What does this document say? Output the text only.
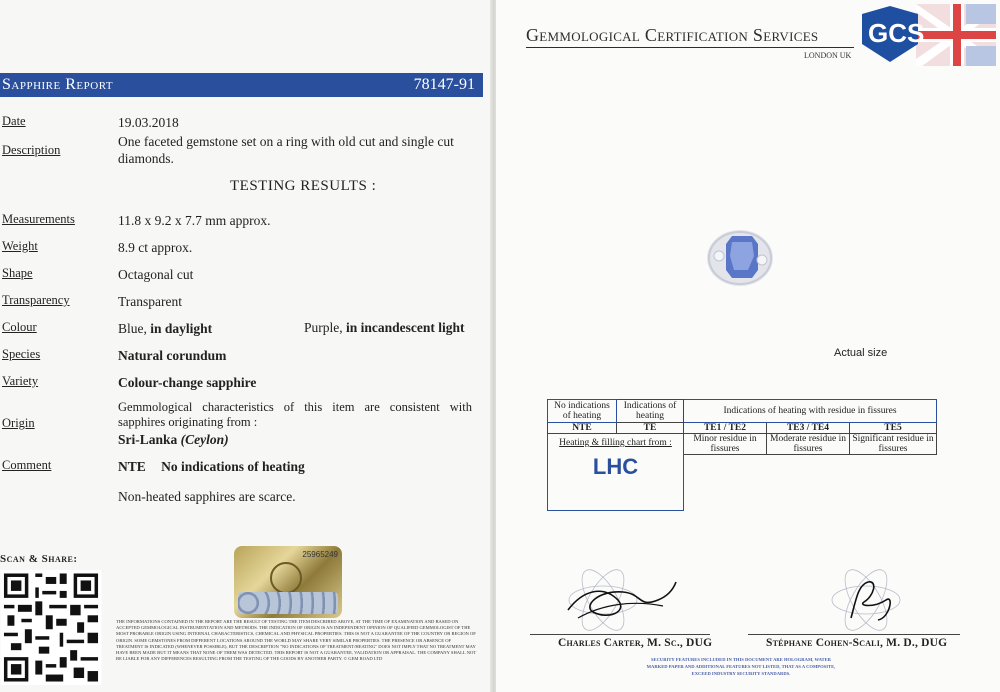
Sapphire Report	78147-91
Date	19.03.2018
Description
One faceted gemstone set on a ring with old cut and single cut diamonds.
TESTING RESULTS :
Measurements	11.8 x 9.2 x 7.7 mm approx.
Weight	8.9 ct approx.
Shape	Octagonal cut
Transparency	Transparent
Colour	Blue, in daylight	Purple, in incandescent light
Species	Natural corundum
Variety	Colour-change sapphire
Origin
Gemmological characteristics of this item are consistent with sapphires originating from :
Sri-Lanka (Ceylon)
Comment	NTE No indications of heating
Non-heated sapphires are scarce.
Scan & Share:	25965249
THE INFORMATIONS CONTAINED IN THE REPORT ARE THE RESULT OF TESTING THE ITEM DESCRIBED ABOVE, AT THE TIME OF EXAMINATION AND BASED ON ACCEPTED GEMMOLOGICAL INSTRUMENTATION AND METHODS. THE INDICATION OF ORIGIN IS AN INDEPENDENT OPINION OF QUALIFIED GEMMOLOGIST OF THE MOST PROBABLE ORIGIN USING INTERNAL CHARACTERISTICS, CHEMICAL AND PHYSICAL PROPERTIES. THIS IS NOT A GUARANTEE OF THE COUNTRY OR REGION OF ORIGIN. SOME GEMSTONES FROM DIFFERENT LOCATIONS AROUND THE WORLD MAY SHARE VERY SIMILAR PROPERTIES. THE PRESENCE OR ABSENCE OF TREATMENT IS INDICATED (WHENEVER POSSIBLE), BUT THE DESCRIPTION "NO INDICATIONS OF TREATMENT/HEATING" DOES NOT IMPLY THAT NO TREATMENT MAY HAVE BEEN MADE BUT IT MEANS THAT NONE OF THEM WAS DETECTED. THIS REPORT IS NOT A GUARANTEE, VALIDATION OR APPRAISAL. THE COMPANY SHALL NOT BE LIABLE FOR ANY DIFFERENCES RESULTING FROM THE TESTING OF THE GOODS BY ANOTHER PARTY. © GEM ROAD LTD
Gemmological Certification Services
LONDON UK
GCS
Actual size
No indications of heating	Indications of heating	Indications of heating with residue in fissures		
NTE	TE	TE1 / TE2	TE3 / TE4	TE5
Heating & filling chart from :
LHC		Minor residue in fissures	Moderate residue in fissures	Significant residue in fissures

Charles Carter, M. Sc., DUG	Stéphane Cohen-Scali, M. D., DUG
SECURITY FEATURES INCLUDED IN THIS DOCUMENT ARE HOLOGRAM, WATER MARKED PAPER AND ADDITIONAL FEATURES NOT LISTED, THAT AS A COMPOSITE, EXCEED INDUSTRY SECURITY STANDARDS.
